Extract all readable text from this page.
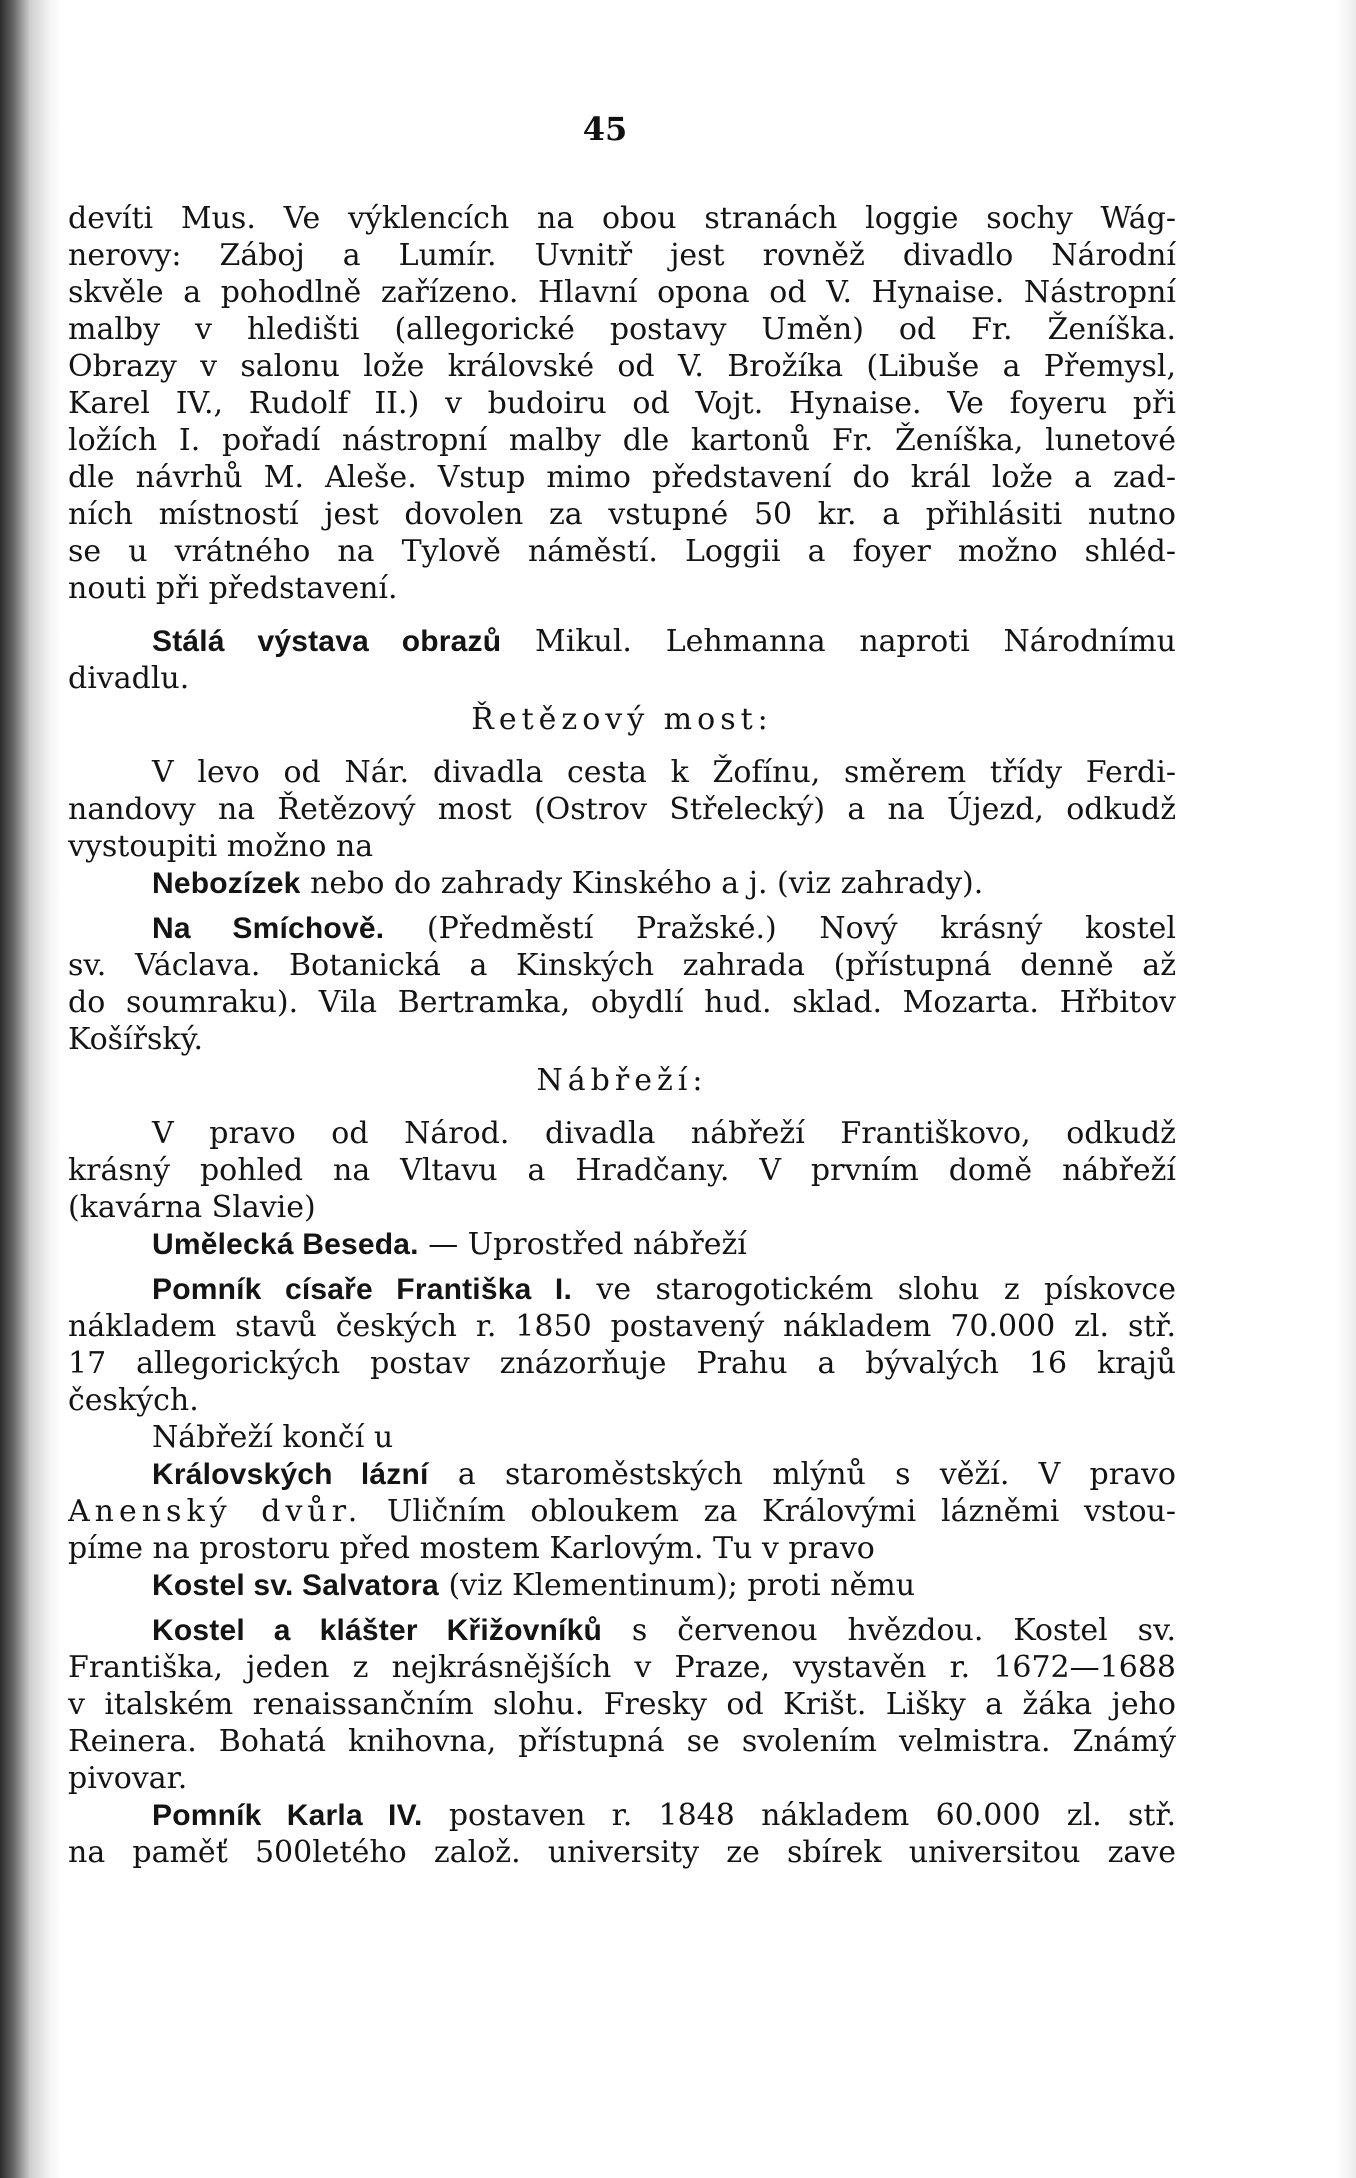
45
devíti Mus. Ve výklencích na obou stranách loggie sochy Wág-
nerovy: Záboj a Lumír. Uvnitř jest rovněž divadlo Národní
skvěle a pohodlně zařízeno. Hlavní opona od V. Hynaise. Nástropní
malby v hledišti (allegorické postavy Uměn) od Fr. Ženíška.
Obrazy v salonu lože královské od V. Brožíka (Libuše a Přemysl,
Karel IV., Rudolf II.) v budoiru od Vojt. Hynaise. Ve foyeru při
ložích I. pořadí nástropní malby dle kartonů Fr. Ženíška, lunetové
dle návrhů M. Aleše. Vstup mimo představení do král lože a zad-
ních místností jest dovolen za vstupné 50 kr. a přihlásiti nutno
se u vrátného na Tylově náměstí. Loggii a foyer možno shléd-
nouti při představení.
Stálá výstava obrazů Mikul. Lehmanna naproti Národnímu
divadlu.
Řetězový most:
V levo od Nár. divadla cesta k Žofínu, směrem třídy Ferdi-
nandovy na Řetězový most (Ostrov Střelecký) a na Újezd, odkudž
vystoupiti možno na
Nebozízek nebo do zahrady Kinského a j. (viz zahrady).
Na Smíchově. (Předměstí Pražské.) Nový krásný kostel
sv. Václava. Botanická a Kinských zahrada (přístupná denně až
do soumraku). Vila Bertramka, obydlí hud. sklad. Mozarta. Hřbitov
Košířský.
Nábřeží:
V pravo od Národ. divadla nábřeží Františkovo, odkudž
krásný pohled na Vltavu a Hradčany. V prvním domě nábřeží
(kavárna Slavie)
Umělecká Beseda. — Uprostřed nábřeží
Pomník císaře Františka I. ve starogotickém slohu z pískovce
nákladem stavů českých r. 1850 postavený nákladem 70.000 zl. stř.
17 allegorických postav znázorňuje Prahu a bývalých 16 krajů
českých.
Nábřeží končí u
Královských lázní a staroměstských mlýnů s věží. V pravo
Anenský dvůr. Uličním obloukem za Královými lázněmi vstou-
píme na prostoru před mostem Karlovým. Tu v pravo
Kostel sv. Salvatora (viz Klementinum); proti němu
Kostel a klášter Křižovníků s červenou hvězdou. Kostel sv.
Františka, jeden z nejkrásnějších v Praze, vystavěn r. 1672—1688
v italském renaissančním slohu. Fresky od Krišt. Lišky a žáka jeho
Reinera. Bohatá knihovna, přístupná se svolením velmistra. Známý
pivovar.
Pomník Karla IV. postaven r. 1848 nákladem 60.000 zl. stř.
na paměť 500letého založ. university ze sbírek universitou zave
